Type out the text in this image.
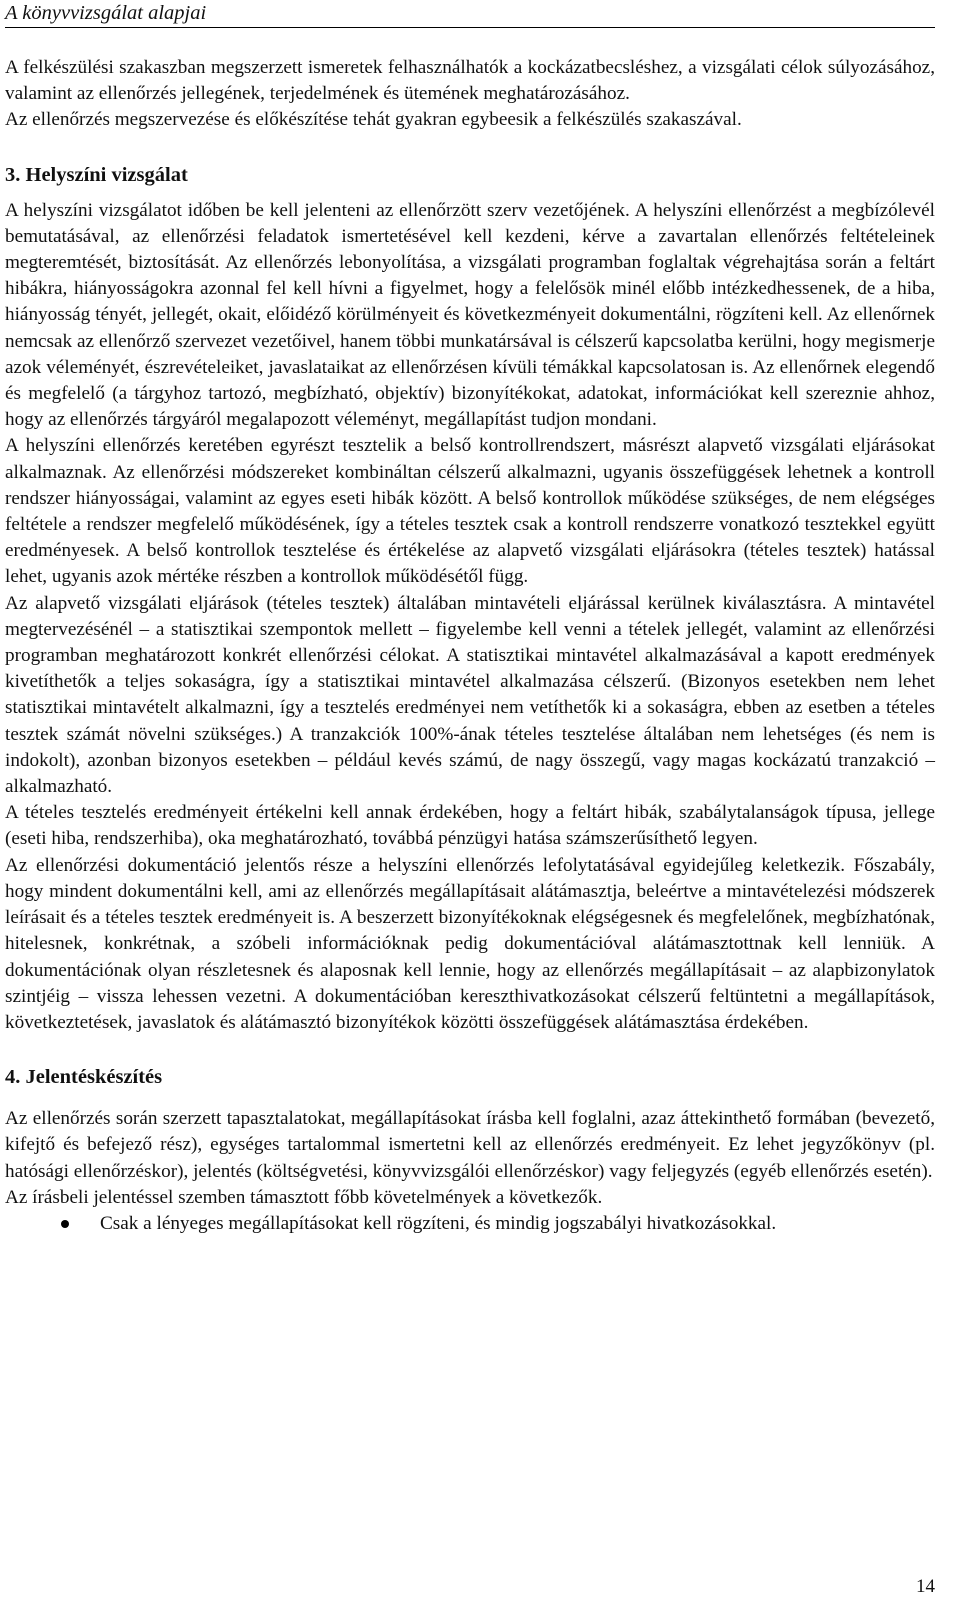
A könyvvizsgálat alapjai

A felkészülési szakaszban megszerzett ismeretek felhasználhatók a kockázatbecsléshez, a vizsgálati célok súlyozásához, valamint az ellenőrzés jellegének, terjedelmének és ütemének meghatározásához.

Az ellenőrzés megszervezése és előkészítése tehát gyakran egybeesik a felkészülés szakaszával.

3. Helyszíni vizsgálat

A helyszíni vizsgálatot időben be kell jelenteni az ellenőrzött szerv vezetőjének. A helyszíni ellenőrzést a megbízólevél bemutatásával, az ellenőrzési feladatok ismertetésével kell kezdeni, kérve a zavartalan ellenőrzés feltételeinek megteremtését, biztosítását. Az ellenőrzés lebonyolítása, a vizsgálati programban foglaltak végrehajtása során a feltárt hibákra, hiányosságokra azonnal fel kell hívni a figyelmet, hogy a felelősök minél előbb intézkedhessenek, de a hiba, hiányosság tényét, jellegét, okait, előidéző körülményeit és következményeit dokumentálni, rögzíteni kell. Az ellenőrnek nemcsak az ellenőrző szervezet vezetőivel, hanem többi munkatársával is célszerű kapcsolatba kerülni, hogy megismerje azok véleményét, észrevételeiket, javaslataikat az ellenőrzésen kívüli témákkal kapcsolatosan is. Az ellenőrnek elegendő és megfelelő (a tárgyhoz tartozó, megbízható, objektív) bizonyítékokat, adatokat, információkat kell szereznie ahhoz, hogy az ellenőrzés tárgyáról megalapozott véleményt, megállapítást tudjon mondani.

A helyszíni ellenőrzés keretében egyrészt tesztelik a belső kontrollrendszert, másrészt alapvető vizsgálati eljárásokat alkalmaznak. Az ellenőrzési módszereket kombináltan célszerű alkalmazni, ugyanis összefüggések lehetnek a kontroll rendszer hiányosságai, valamint az egyes eseti hibák között. A belső kontrollok működése szükséges, de nem elégséges feltétele a rendszer megfelelő működésének, így a tételes tesztek csak a kontroll rendszerre vonatkozó tesztekkel együtt eredményesek. A belső kontrollok tesztelése és értékelése az alapvető vizsgálati eljárásokra (tételes tesztek) hatással lehet, ugyanis azok mértéke részben a kontrollok működésétől függ.

Az alapvető vizsgálati eljárások (tételes tesztek) általában mintavételi eljárással kerülnek kiválasztásra. A mintavétel megtervezésénél – a statisztikai szempontok mellett – figyelembe kell venni a tételek jellegét, valamint az ellenőrzési programban meghatározott konkrét ellenőrzési célokat. A statisztikai mintavétel alkalmazásával a kapott eredmények kivetíthetők a teljes sokaságra, így a statisztikai mintavétel alkalmazása célszerű. (Bizonyos esetekben nem lehet statisztikai mintavételt alkalmazni, így a tesztelés eredményei nem vetíthetők ki a sokaságra, ebben az esetben a tételes tesztek számát növelni szükséges.) A tranzakciók 100%-ának tételes tesztelése általában nem lehetséges (és nem is indokolt), azonban bizonyos esetekben – például kevés számú, de nagy összegű, vagy magas kockázatú tranzakció – alkalmazható.

A tételes tesztelés eredményeit értékelni kell annak érdekében, hogy a feltárt hibák, szabálytalanságok típusa, jellege (eseti hiba, rendszerhiba), oka meghatározható, továbbá pénzügyi hatása számszerűsíthető legyen.

Az ellenőrzési dokumentáció jelentős része a helyszíni ellenőrzés lefolytatásával egyidejűleg keletkezik. Főszabály, hogy mindent dokumentálni kell, ami az ellenőrzés megállapításait alátámasztja, beleértve a mintavételezési módszerek leírásait és a tételes tesztek eredményeit is. A beszerzett bizonyítékoknak elégségesnek és megfelelőnek, megbízhatónak, hitelesnek, konkrétnak, a szóbeli információknak pedig dokumentációval alátámasztottnak kell lenniük. A dokumentációnak olyan részletesnek és alaposnak kell lennie, hogy az ellenőrzés megállapításait – az alapbizonylatok szintjéig – vissza lehessen vezetni. A dokumentációban kereszthivatkozásokat célszerű feltüntetni a megállapítások, következtetések, javaslatok és alátámasztó bizonyítékok közötti összefüggések alátámasztása érdekében.

4. Jelentéskészítés

Az ellenőrzés során szerzett tapasztalatokat, megállapításokat írásba kell foglalni, azaz áttekinthető formában (bevezető, kifejtő és befejező rész), egységes tartalommal ismertetni kell az ellenőrzés eredményeit. Ez lehet jegyzőkönyv (pl. hatósági ellenőrzéskor), jelentés (költségvetési, könyvvizsgálói ellenőrzéskor) vagy feljegyzés (egyéb ellenőrzés esetén).

Az írásbeli jelentéssel szemben támasztott főbb követelmények a következők.

Csak a lényeges megállapításokat kell rögzíteni, és mindig jogszabályi hivatkozásokkal.
14
